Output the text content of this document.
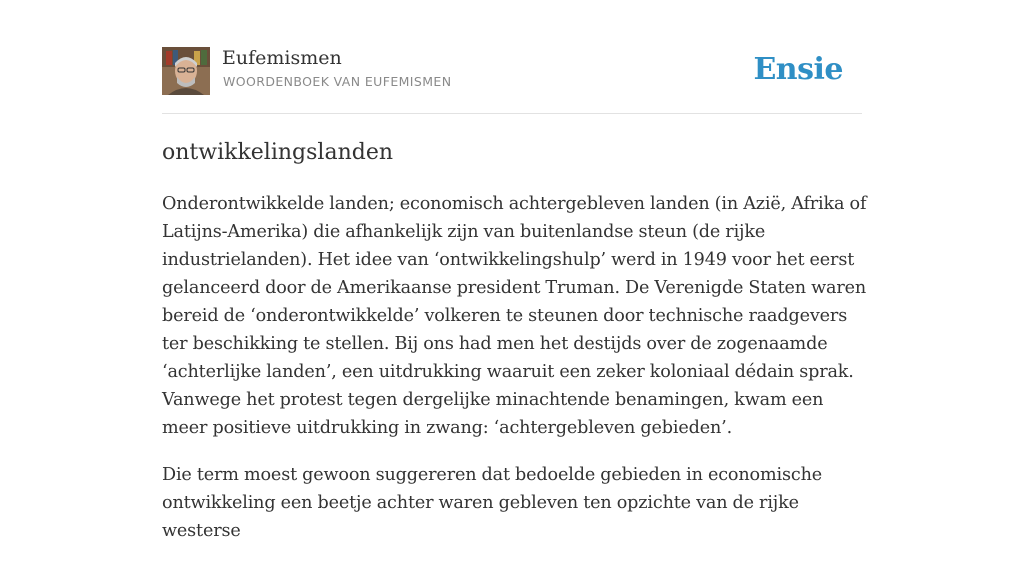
Eufemismen
WOORDENBOEK VAN EUFEMISMEN	Ensie
ontwikkelingslanden

Onderontwikkelde landen; economisch achtergebleven landen (in Azië, Afrika of Latijns-Amerika) die afhankelijk zijn van buitenlandse steun (de rijke industrielanden). Het idee van ‘ontwikkelingshulp’ werd in 1949 voor het eerst gelanceerd door de Amerikaanse president Truman. De Verenigde Staten waren bereid de ‘onderontwikkelde’ volkeren te steunen door technische raadgevers ter beschikking te stellen. Bij ons had men het destijds over de zogenaamde ‘achterlijke landen’, een uitdrukking waaruit een zeker koloniaal dédain sprak. Vanwege het protest tegen dergelijke minachtende benamingen, kwam een meer positieve uitdrukking in zwang: ‘achtergebleven gebieden’.

Die term moest gewoon suggereren dat bedoelde gebieden in economische ontwikkeling een beetje achter waren gebleven ten opzichte van de rijke westerse
